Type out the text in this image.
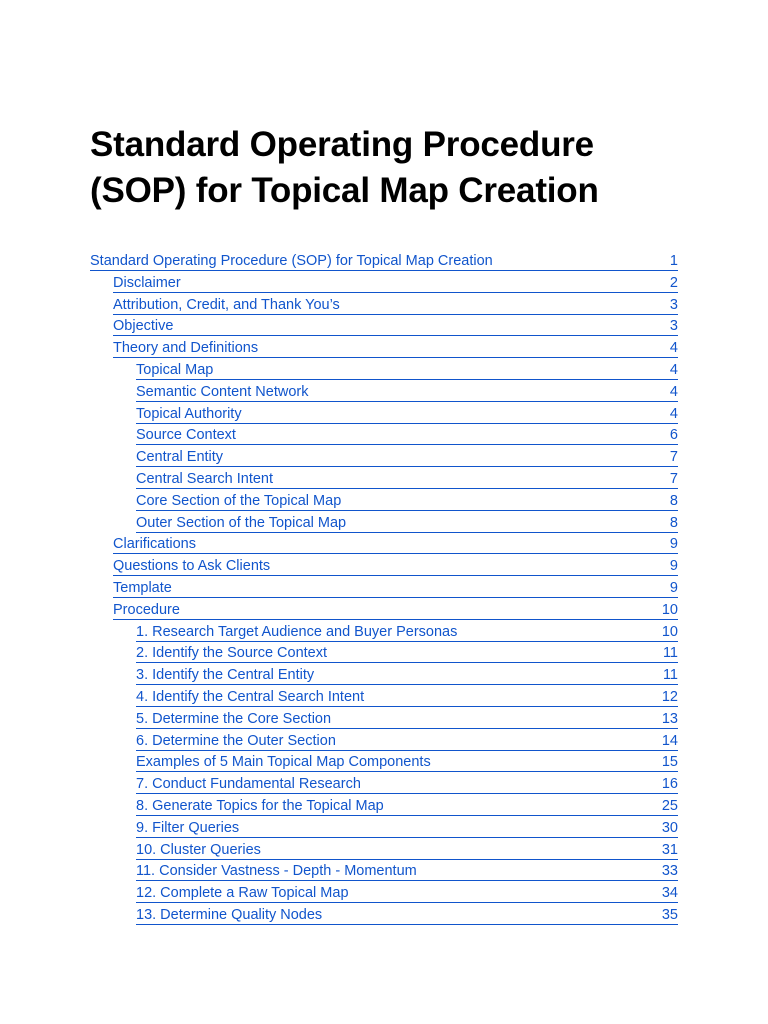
Standard Operating Procedure
(SOP) for Topical Map Creation
Standard Operating Procedure (SOP) for Topical Map Creation	1
Disclaimer	2
Attribution, Credit, and Thank You’s	3
Objective	3
Theory and Definitions	4
Topical Map	4
Semantic Content Network	4
Topical Authority	4
Source Context	6
Central Entity	7
Central Search Intent	7
Core Section of the Topical Map	8
Outer Section of the Topical Map	8
Clarifications	9
Questions to Ask Clients	9
Template	9
Procedure	10
1. Research Target Audience and Buyer Personas	10
2. Identify the Source Context	11
3. Identify the Central Entity	11
4. Identify the Central Search Intent	12
5. Determine the Core Section	13
6. Determine the Outer Section	14
Examples of 5 Main Topical Map Components	15
7. Conduct Fundamental Research	16
8. Generate Topics for the Topical Map	25
9. Filter Queries	30
10. Cluster Queries	31
11. Consider Vastness - Depth - Momentum	33
12. Complete a Raw Topical Map	34
13. Determine Quality Nodes	35
